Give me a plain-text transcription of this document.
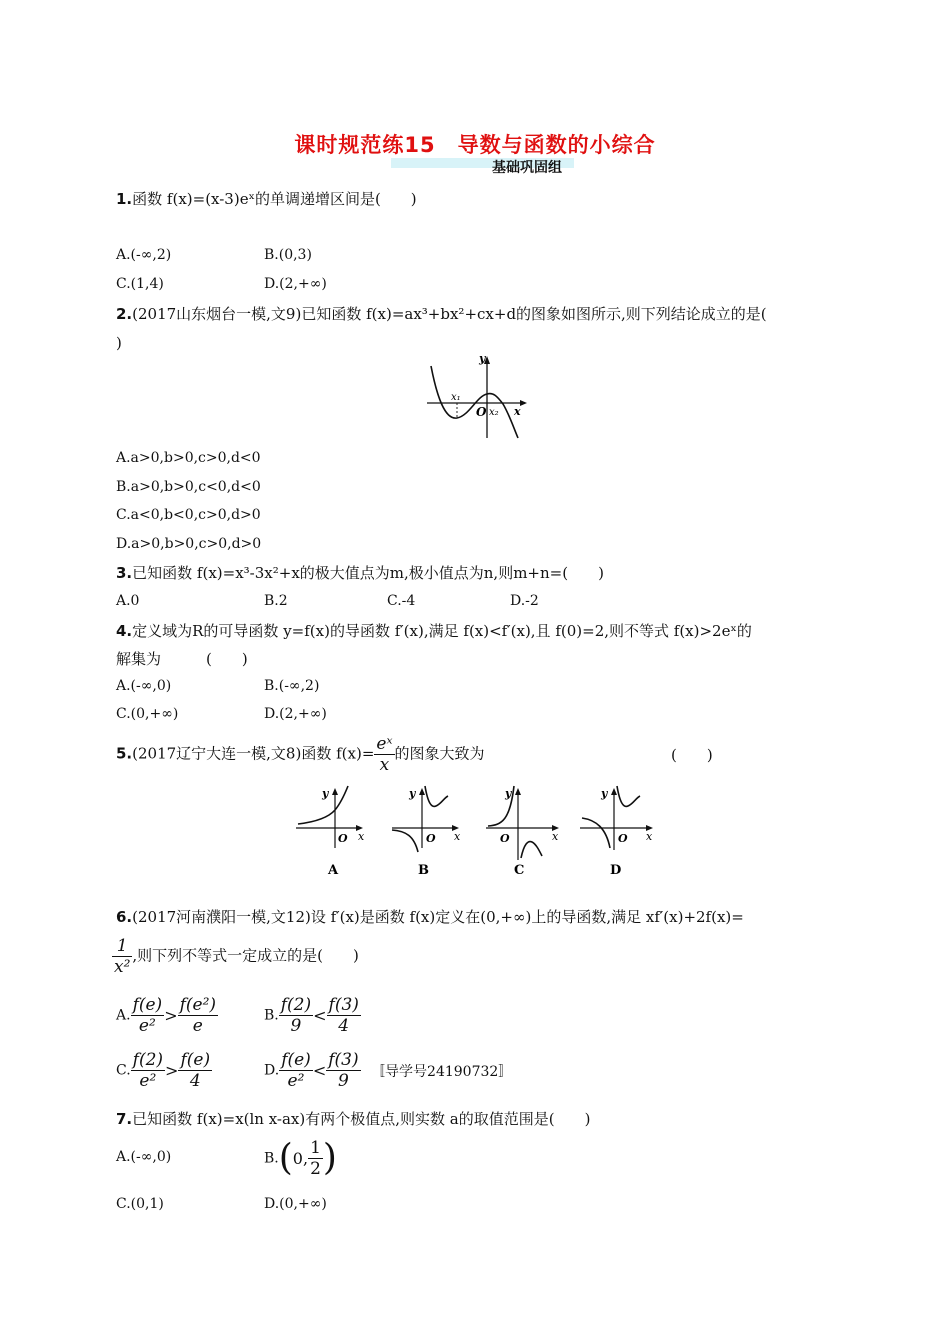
课时规范练15　导数与函数的小综合
基础巩固组
1.函数 f(x)=(x-3)eˣ的单调递增区间是(　　)
A.(-∞,2)	B.(0,3)
C.(1,4)	D.(2,+∞)
2.(2017山东烟台一模,文9)已知函数 f(x)=ax³+bx²+cx+d的图象如图所示,则下列结论成立的是(
)
y
x
O
x₁
x₂
A.a>0,b>0,c>0,d<0
B.a>0,b>0,c<0,d<0
C.a<0,b<0,c>0,d>0
D.a>0,b>0,c>0,d>0
3.已知函数 f(x)=x³-3x²+x的极大值点为m,极小值点为n,则m+n=(　　)
A.0	B.2	C.-4	D.-2
4.定义域为R的可导函数 y=f(x)的导函数 f′(x),满足 f(x)<f′(x),且 f(0)=2,则不等式 f(x)>2eˣ的
解集为　　　(　　)
A.(-∞,0)	B.(-∞,2)
C.(0,+∞)	D.(2,+∞)
5.(2017辽宁大连一模,文8)函数 $f(x)= \frac{\text{eˣ}}{x}$ 的图象大致为	(　　)
y
x
O
A
y
x
O
B
y
x
O
C
y
x
O
D
6.(2017河南濮阳一模,文12)设 f′(x)是函数 f(x)定义在(0,+∞)上的导函数,满足 xf′(x)+2f(x)=
$\frac{1}{\text{x²}}$ ,则下列不等式一定成立的是(　　)
A. $\frac{f(e)}{\text{e²}} > \frac{\text{f(e²)}}{e}$	B. $\frac{f(2)}{9} < \frac{f(3)}{4}$
C. $\frac{f(2)}{\text{e²}} > \frac{f(e)}{4}$	D. $\frac{f(e)}{\text{e²}} < \frac{f(3)}{9}$ 〚导学号24190732〛
7.已知函数 f(x)=x(ln x-ax)有两个极值点,则实数 a的取值范围是(　　)
A.(-∞,0)	B.(0, $\frac{1}{2}$ )
C.(0,1)	D.(0,+∞)
